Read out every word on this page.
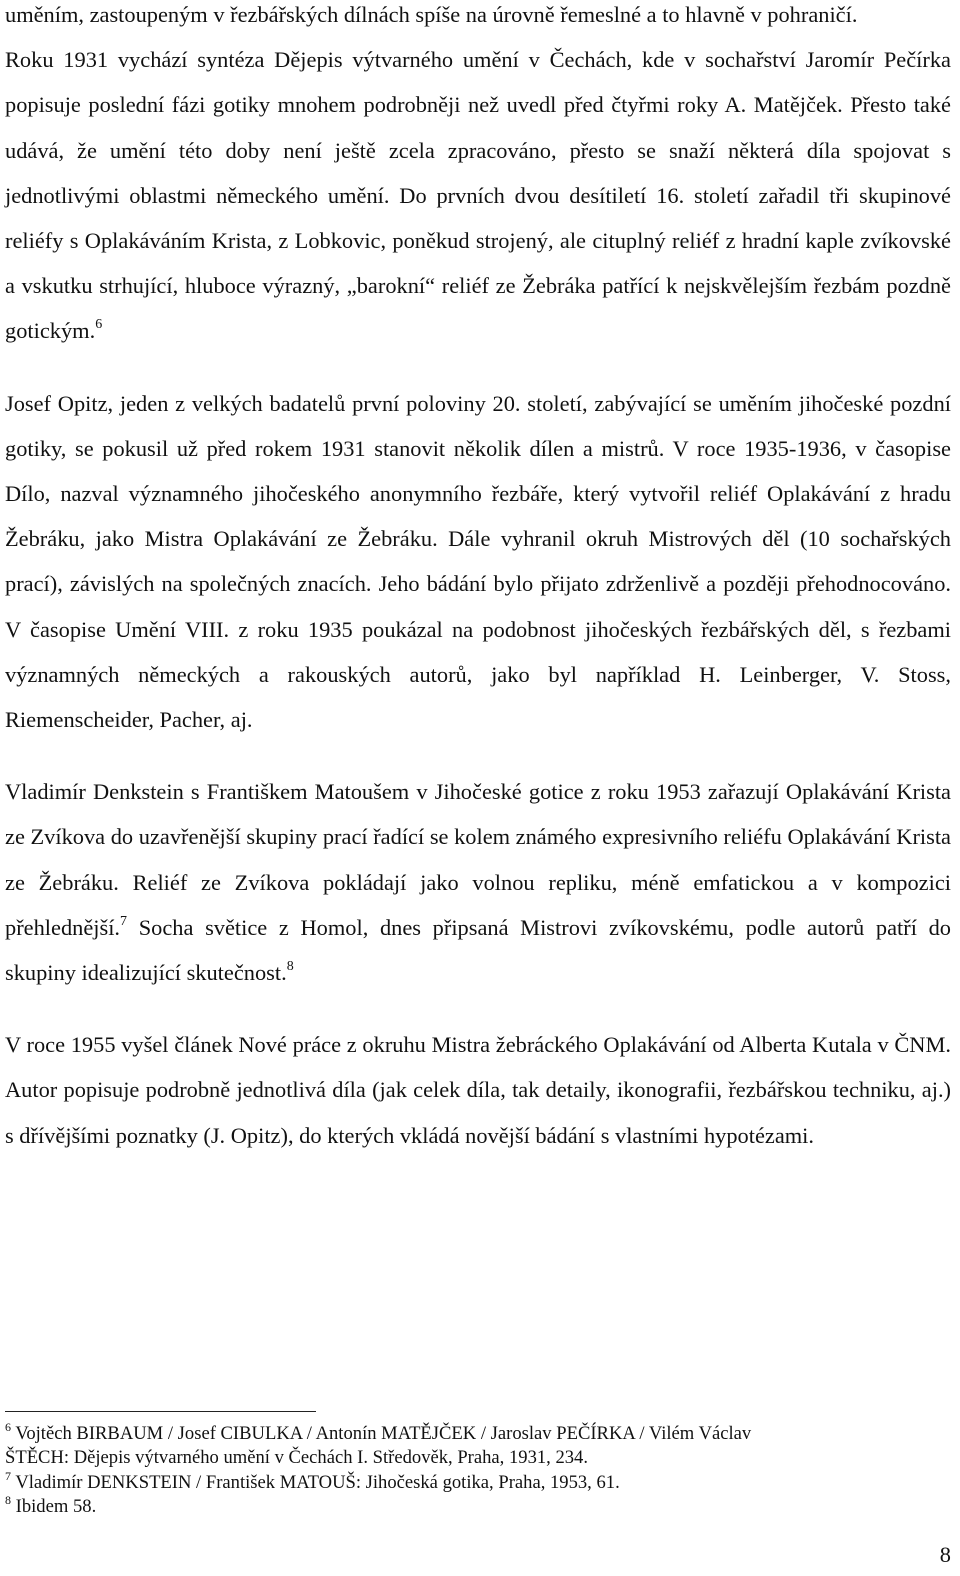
uměním, zastoupeným v řezbářských dílnách spíše na úrovně řemeslné a to hlavně v pohraničí.

Roku 1931 vychází syntéza Dějepis výtvarného umění v Čechách, kde v sochařství Jaromír Pečírka popisuje poslední fázi gotiky mnohem podrobněji než uvedl před čtyřmi roky A. Matějček. Přesto také udává, že umění této doby není ještě zcela zpracováno, přesto se snaží některá díla spojovat s jednotlivými oblastmi německého umění. Do prvních dvou desítiletí 16. století zařadil tři skupinové reliéfy s Oplakáváním Krista, z Lobkovic, poněkud strojený, ale cituplný reliéf z hradní kaple zvíkovské a vskutku strhující, hluboce výrazný, „barokní“ reliéf ze Žebráka patřící k nejskvělejším řezbám pozdně gotickým.$^6$

Josef Opitz, jeden z velkých badatelů první poloviny 20. století, zabývající se uměním jihočeské pozdní gotiky, se pokusil už před rokem 1931 stanovit několik dílen a mistrů. V roce 1935-1936, v časopise Dílo, nazval významného jihočeského anonymního řezbáře, který vytvořil reliéf Oplakávání z hradu Žebráku, jako Mistra Oplakávání ze Žebráku. Dále vyhranil okruh Mistrových děl (10 sochařských prací), závislých na společných znacích. Jeho bádání bylo přijato zdrženlivě a později přehodnocováno. V časopise Umění VIII. z roku 1935 poukázal na podobnost jihočeských řezbářských děl, s řezbami významných německých a rakouských autorů, jako byl například H. Leinberger, V. Stoss, Riemenscheider, Pacher, aj.

Vladimír Denkstein s Františkem Matoušem v Jihočeské gotice z roku 1953 zařazují Oplakávání Krista ze Zvíkova do uzavřenější skupiny prací řadící se kolem známého expresivního reliéfu Oplakávání Krista ze Žebráku. Reliéf ze Zvíkova pokládají jako volnou repliku, méně emfatickou a v kompozici přehlednější.$^7$ Socha světice z Homol, dnes připsaná Mistrovi zvíkovskému, podle autorů patří do skupiny idealizující skutečnost.$^8$

V roce 1955 vyšel článek Nové práce z okruhu Mistra žebráckého Oplakávání od Alberta Kutala v ČNM. Autor popisuje podrobně jednotlivá díla (jak celek díla, tak detaily, ikonografii, řezbářskou techniku, aj.) s dřívějšími poznatky (J. Opitz), do kterých vkládá novější bádání s vlastními hypotézami.

$^6$ Vojtěch BIRBAUM / Josef CIBULKA / Antonín MATĚJČEK / Jaroslav PEČÍRKA / Vilém Václav
ŠTĚCH: Dějepis výtvarného umění v Čechách I. Středověk, Praha, 1931, 234.

$^7$ Vladimír DENKSTEIN / František MATOUŠ: Jihočeská gotika, Praha, 1953, 61.

$^8$ Ibidem 58.

8
